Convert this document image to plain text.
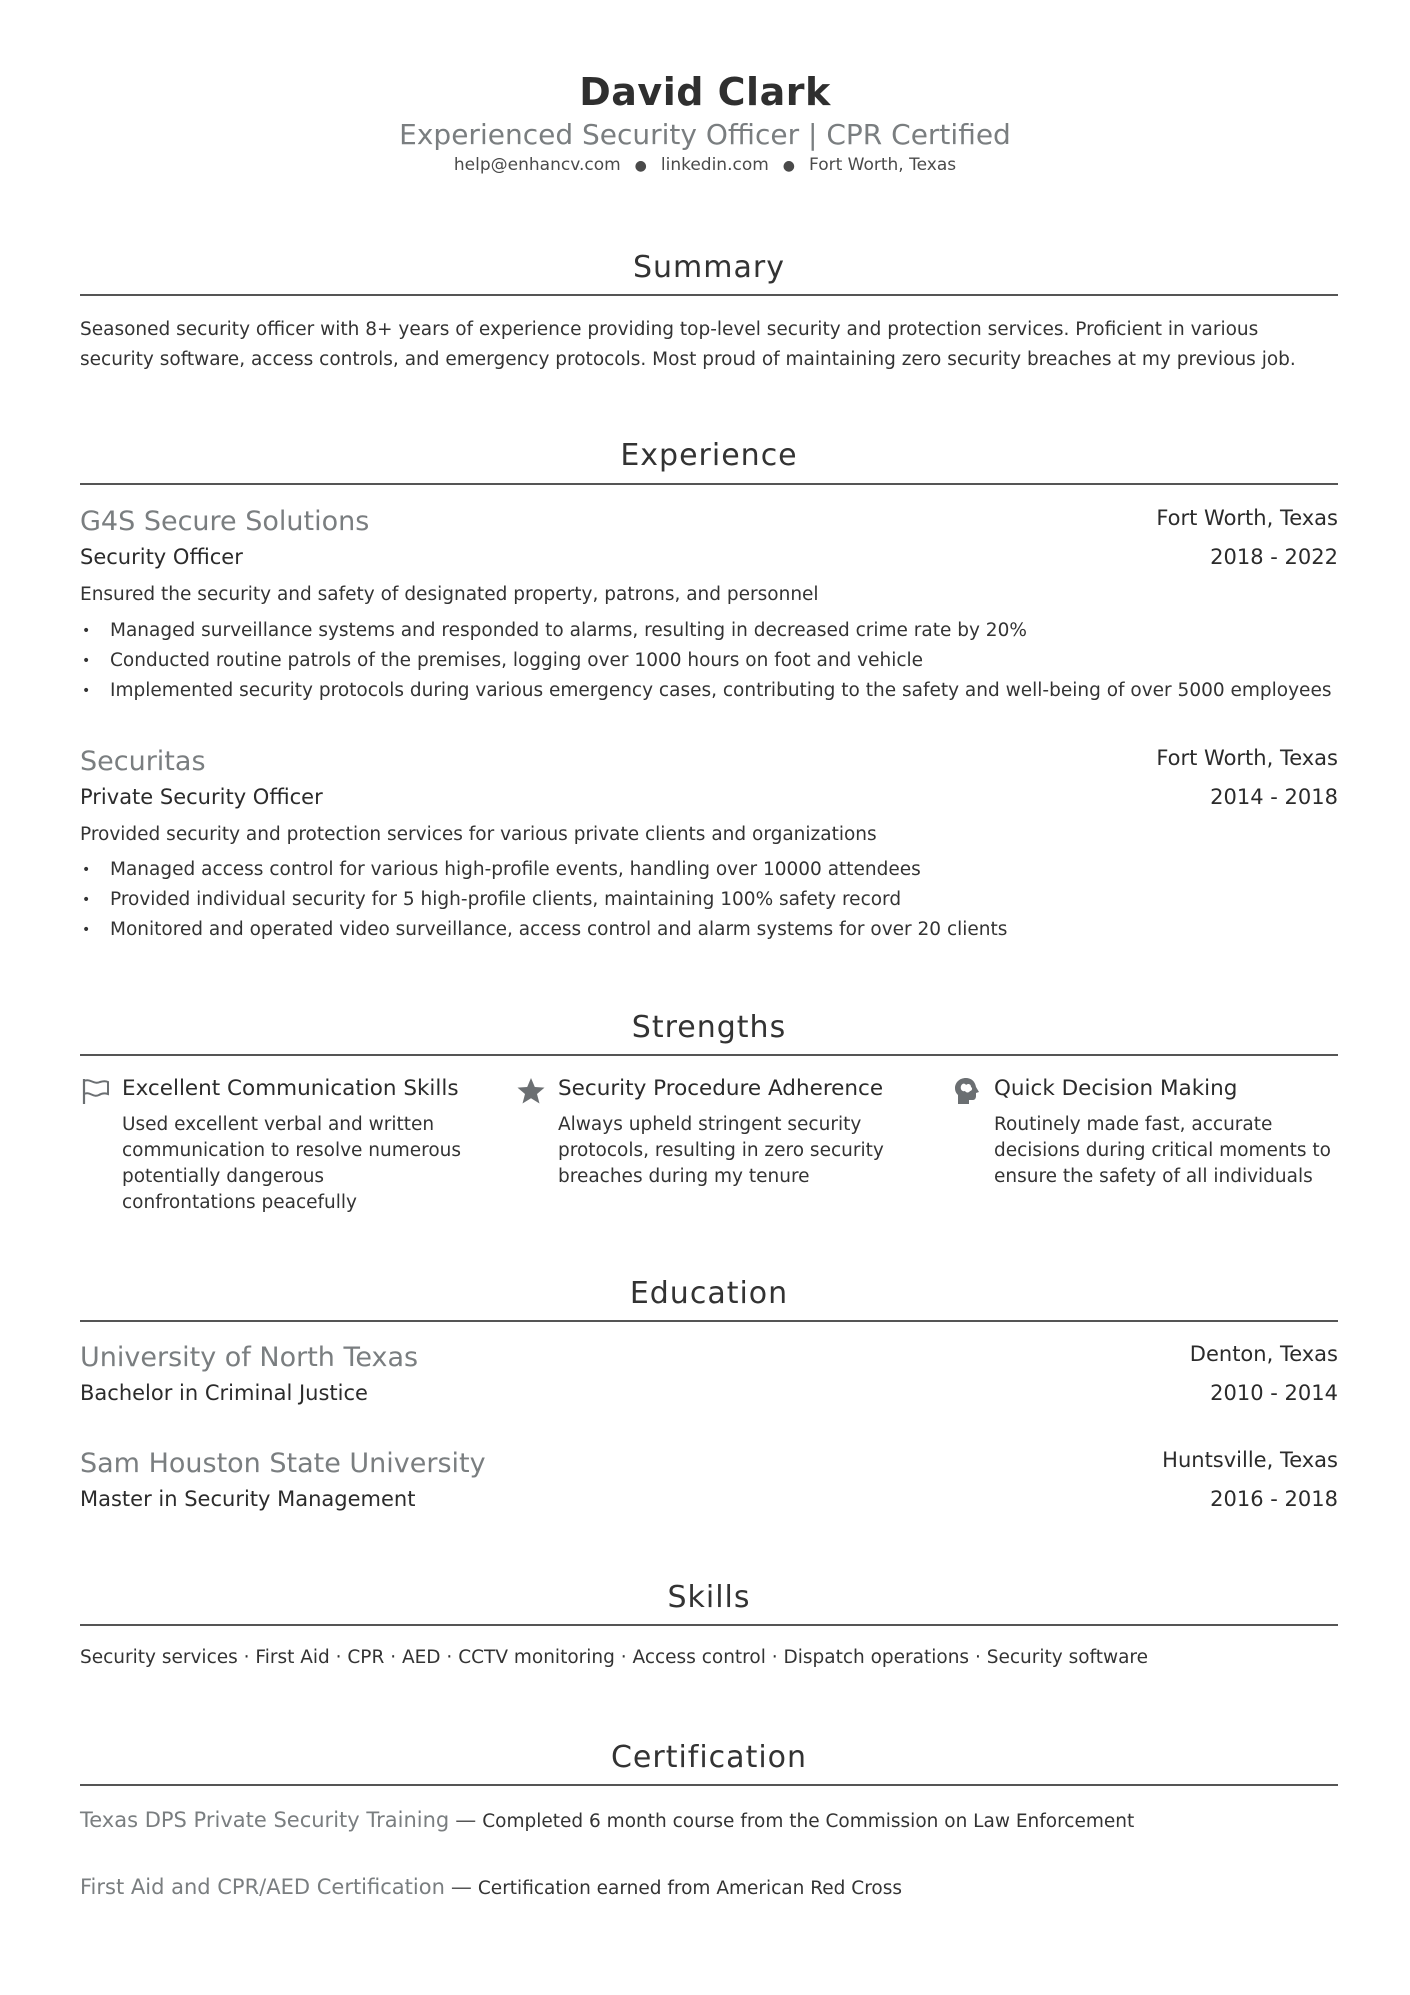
David Clark
Experienced Security Officer | CPR Certified
help@enhancv.com ● linkedin.com ● Fort Worth, Texas
Summary
Seasoned security officer with 8+ years of experience providing top-level security and protection services. Proficient in various security software, access controls, and emergency protocols. Most proud of maintaining zero security breaches at my previous job.
Experience
G4S Secure Solutions	Fort Worth, Texas
Security Officer	2018 - 2022
Ensured the security and safety of designated property, patrons, and personnel
• Managed surveillance systems and responded to alarms, resulting in decreased crime rate by 20%
• Conducted routine patrols of the premises, logging over 1000 hours on foot and vehicle
• Implemented security protocols during various emergency cases, contributing to the safety and well-being of over 5000 employees
Securitas	Fort Worth, Texas
Private Security Officer	2014 - 2018
Provided security and protection services for various private clients and organizations
• Managed access control for various high-profile events, handling over 10000 attendees
• Provided individual security for 5 high-profile clients, maintaining 100% safety record
• Monitored and operated video surveillance, access control and alarm systems for over 20 clients
Strengths
Excellent Communication Skills
Used excellent verbal and written communication to resolve numerous potentially dangerous confrontations peacefully
Security Procedure Adherence
Always upheld stringent security protocols, resulting in zero security breaches during my tenure
Quick Decision Making
Routinely made fast, accurate decisions during critical moments to ensure the safety of all individuals
Education
University of North Texas	Denton, Texas
Bachelor in Criminal Justice	2010 - 2014
Sam Houston State University	Huntsville, Texas
Master in Security Management	2016 - 2018
Skills
Security services · First Aid · CPR · AED · CCTV monitoring · Access control · Dispatch operations · Security software
Certification
Texas DPS Private Security Training — Completed 6 month course from the Commission on Law Enforcement
First Aid and CPR/AED Certification — Certification earned from American Red Cross
